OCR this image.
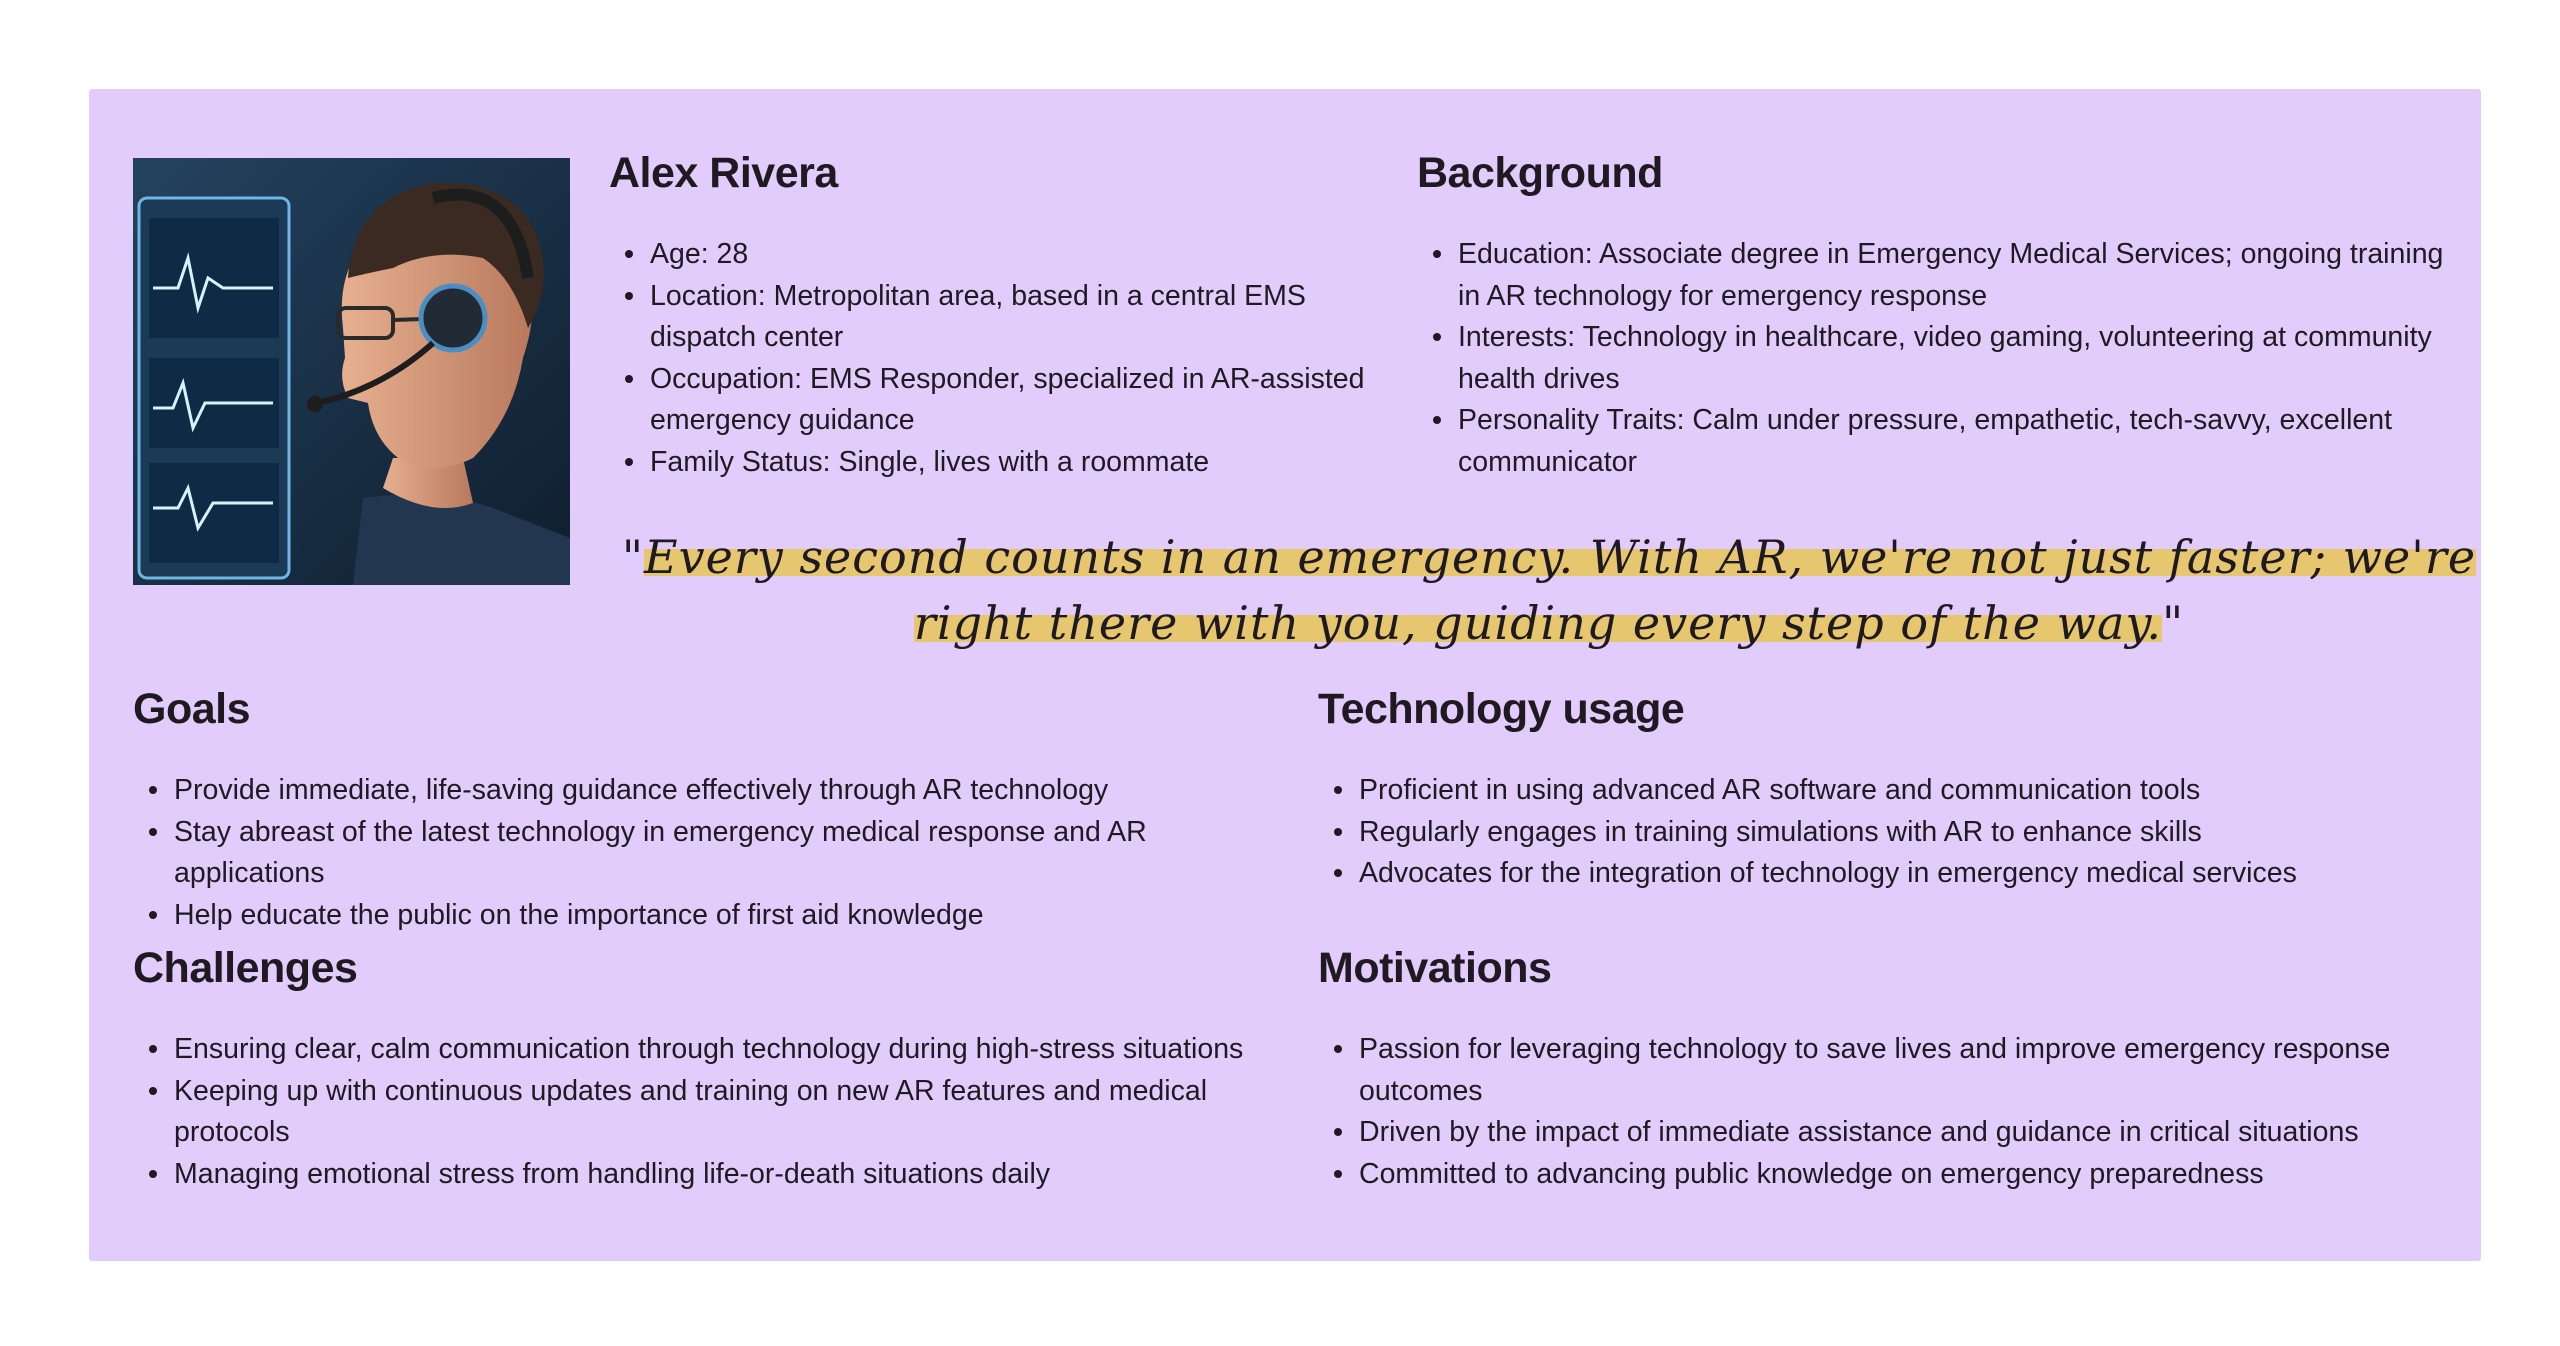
Alex Rivera
Age: 28
Location: Metropolitan area, based in a central EMS dispatch center
Occupation: EMS Responder, specialized in AR-assisted emergency guidance
Family Status: Single, lives with a roommate
Background
Education: Associate degree in Emergency Medical Services; ongoing training in AR technology for emergency response
Interests: Technology in healthcare, video gaming, volunteering at community health drives
Personality Traits: Calm under pressure, empathetic, tech-savvy, excellent communicator
"Every second counts in an emergency. With AR, we're not just faster; we're right there with you, guiding every step of the way."
Goals
Provide immediate, life-saving guidance effectively through AR technology
Stay abreast of the latest technology in emergency medical response and AR applications
Help educate the public on the importance of first aid knowledge
Technology usage
Proficient in using advanced AR software and communication tools
Regularly engages in training simulations with AR to enhance skills
Advocates for the integration of technology in emergency medical services
Challenges
Ensuring clear, calm communication through technology during high-stress situations
Keeping up with continuous updates and training on new AR features and medical protocols
Managing emotional stress from handling life-or-death situations daily
Motivations
Passion for leveraging technology to save lives and improve emergency response outcomes
Driven by the impact of immediate assistance and guidance in critical situations
Committed to advancing public knowledge on emergency preparedness
